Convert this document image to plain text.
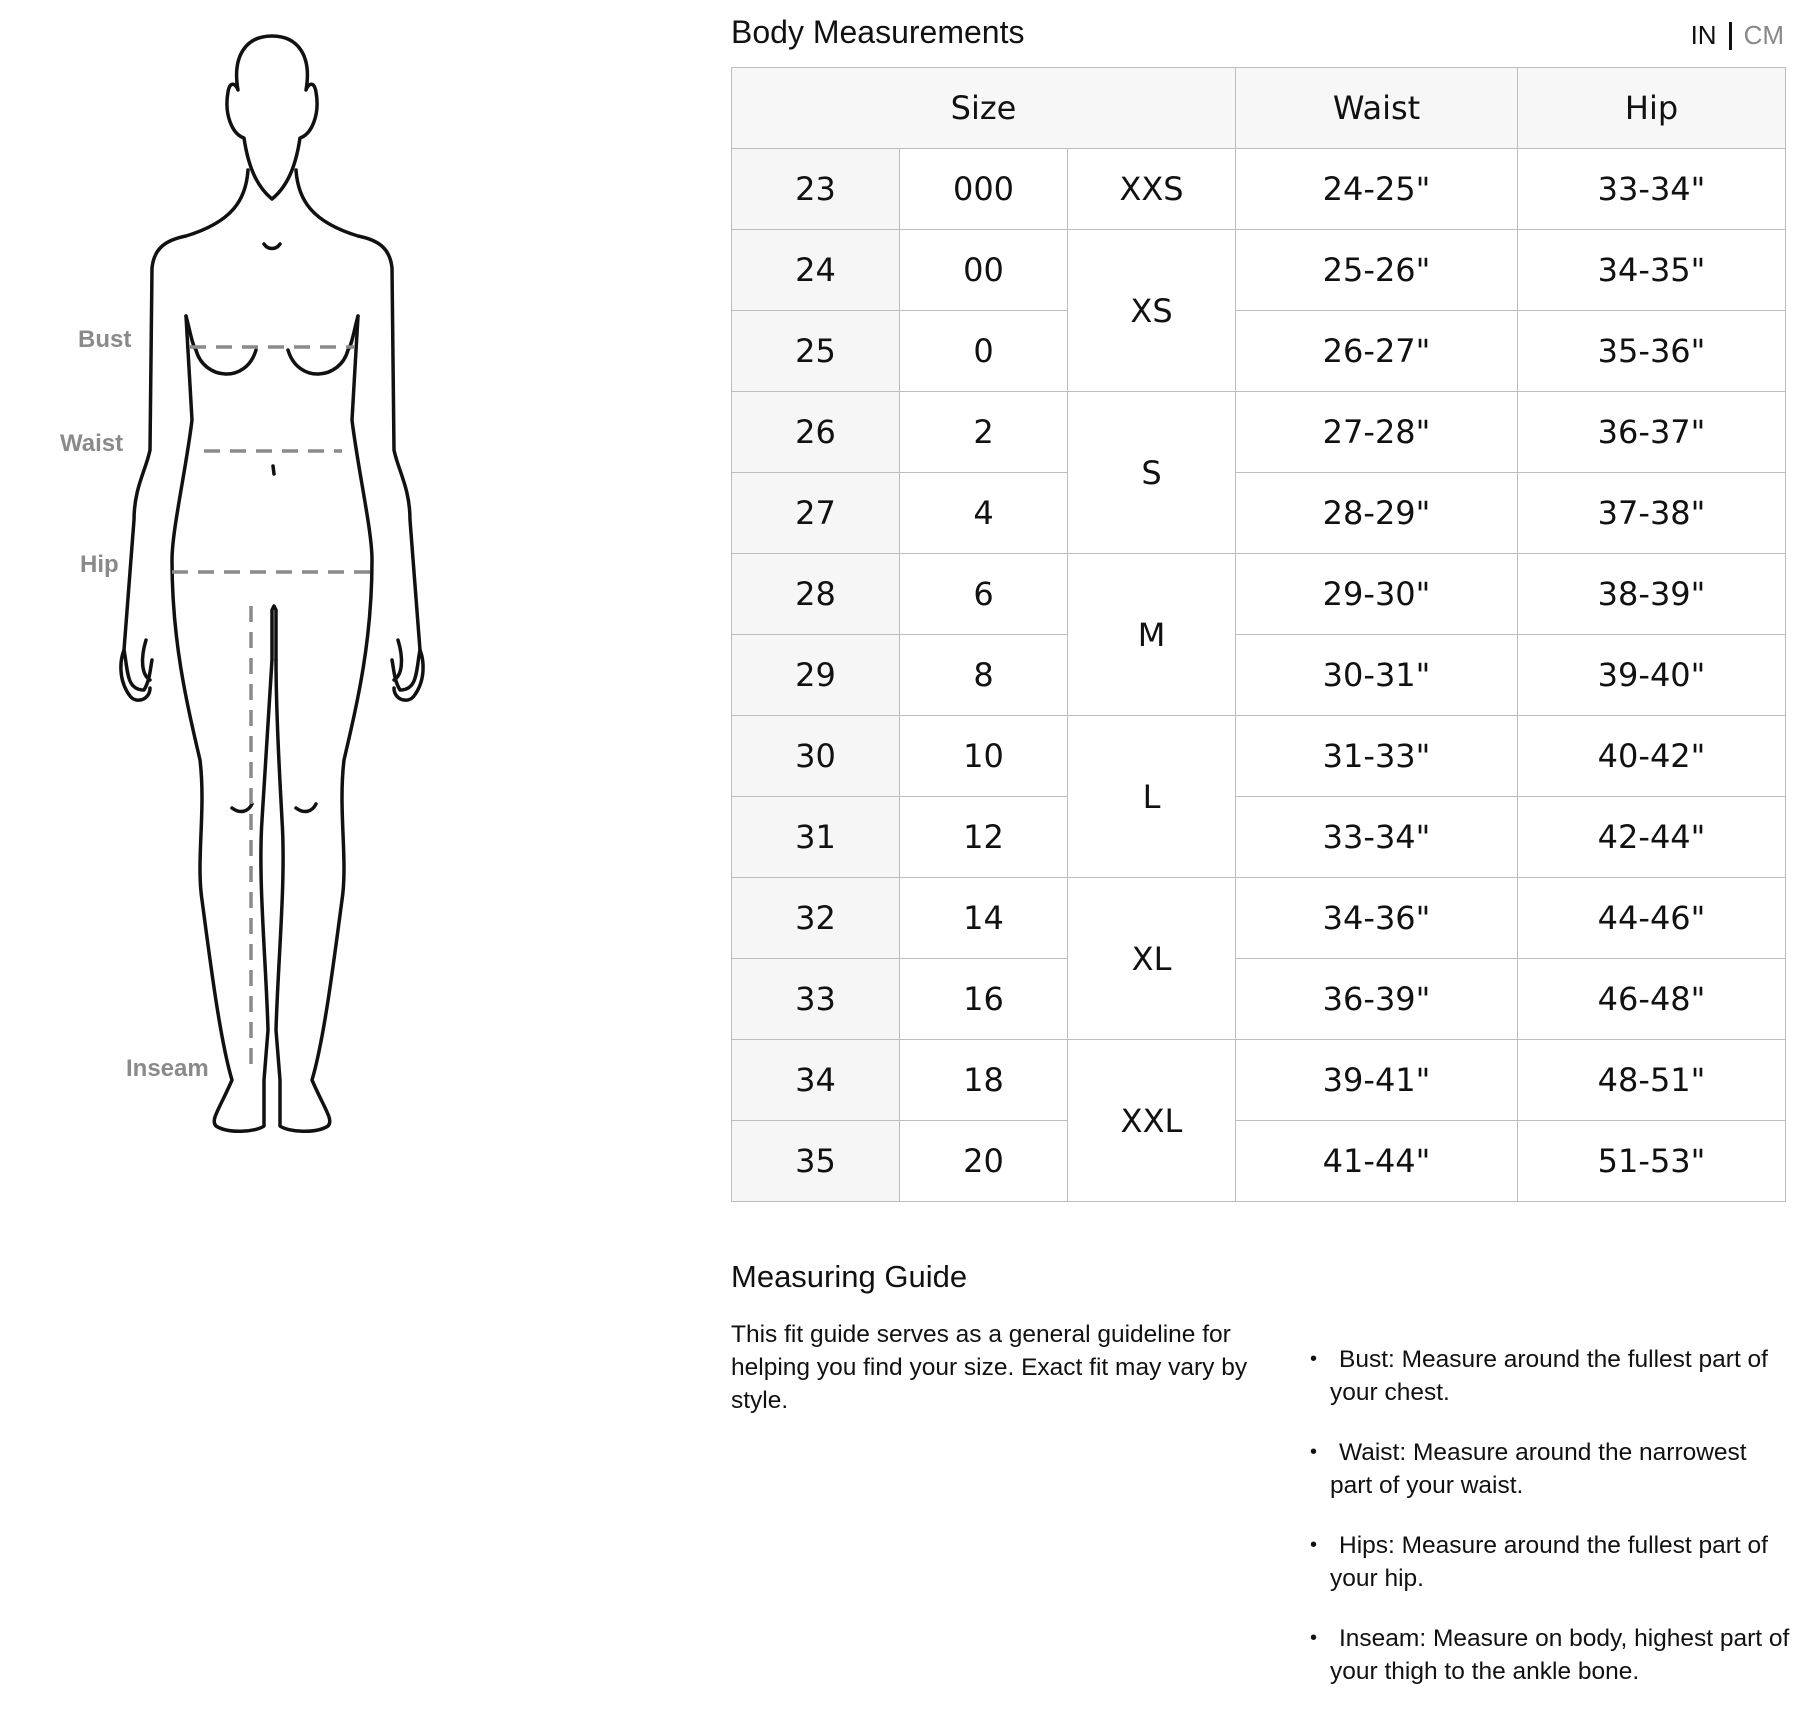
Bust
Waist
Hip
Inseam
Body Measurements	IN CM
Size			Waist	Hip
23	000	XXS	24-25"	33-34"
24	00	XS	25-26"	34-35"
25	0		26-27"	35-36"
26	2	S	27-28"	36-37"
27	4		28-29"	37-38"
28	6	M	29-30"	38-39"
29	8		30-31"	39-40"
30	10	L	31-33"	40-42"
31	12		33-34"	42-44"
32	14	XL	34-36"	44-46"
33	16		36-39"	46-48"
34	18	XXL	39-41"	48-51"
35	20		41-44"	51-53"
Measuring Guide

This fit guide serves as a general guideline for helping you find your size. Exact fit may vary by style.

• Bust: Measure around the fullest part of your chest.
• Waist: Measure around the narrowest part of your waist.
• Hips: Measure around the fullest part of your hip.
• Inseam: Measure on body, highest part of your thigh to the ankle bone.
